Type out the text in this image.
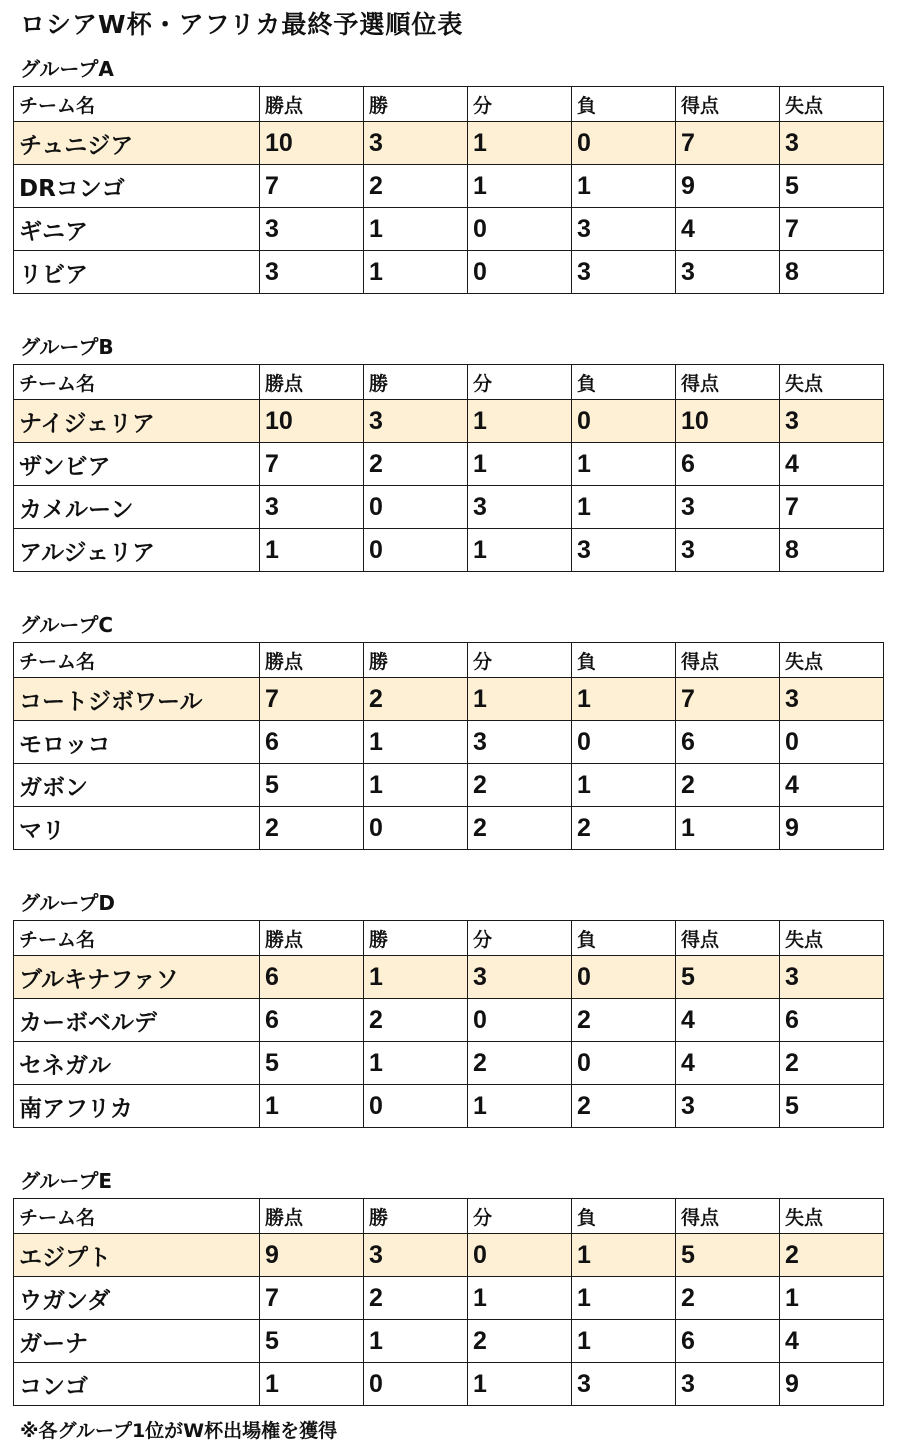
ロシアW杯・アフリカ最終予選順位表
グループA
チーム名	勝点	勝	分	負	得点	失点
チュニジア	10	3	1	0	7	3
DRコンゴ	7	2	1	1	9	5
ギニア	3	1	0	3	4	7
リビア	3	1	0	3	3	8
グループB
チーム名	勝点	勝	分	負	得点	失点
ナイジェリア	10	3	1	0	10	3
ザンビア	7	2	1	1	6	4
カメルーン	3	0	3	1	3	7
アルジェリア	1	0	1	3	3	8
グループC
チーム名	勝点	勝	分	負	得点	失点
コートジボワール	7	2	1	1	7	3
モロッコ	6	1	3	0	6	0
ガボン	5	1	2	1	2	4
マリ	2	0	2	2	1	9
グループD
チーム名	勝点	勝	分	負	得点	失点
ブルキナファソ	6	1	3	0	5	3
カーボベルデ	6	2	0	2	4	6
セネガル	5	1	2	0	4	2
南アフリカ	1	0	1	2	3	5
グループE
チーム名	勝点	勝	分	負	得点	失点
エジプト	9	3	0	1	5	2
ウガンダ	7	2	1	1	2	1
ガーナ	5	1	2	1	6	4
コンゴ	1	0	1	3	3	9
※各グループ1位がW杯出場権を獲得
